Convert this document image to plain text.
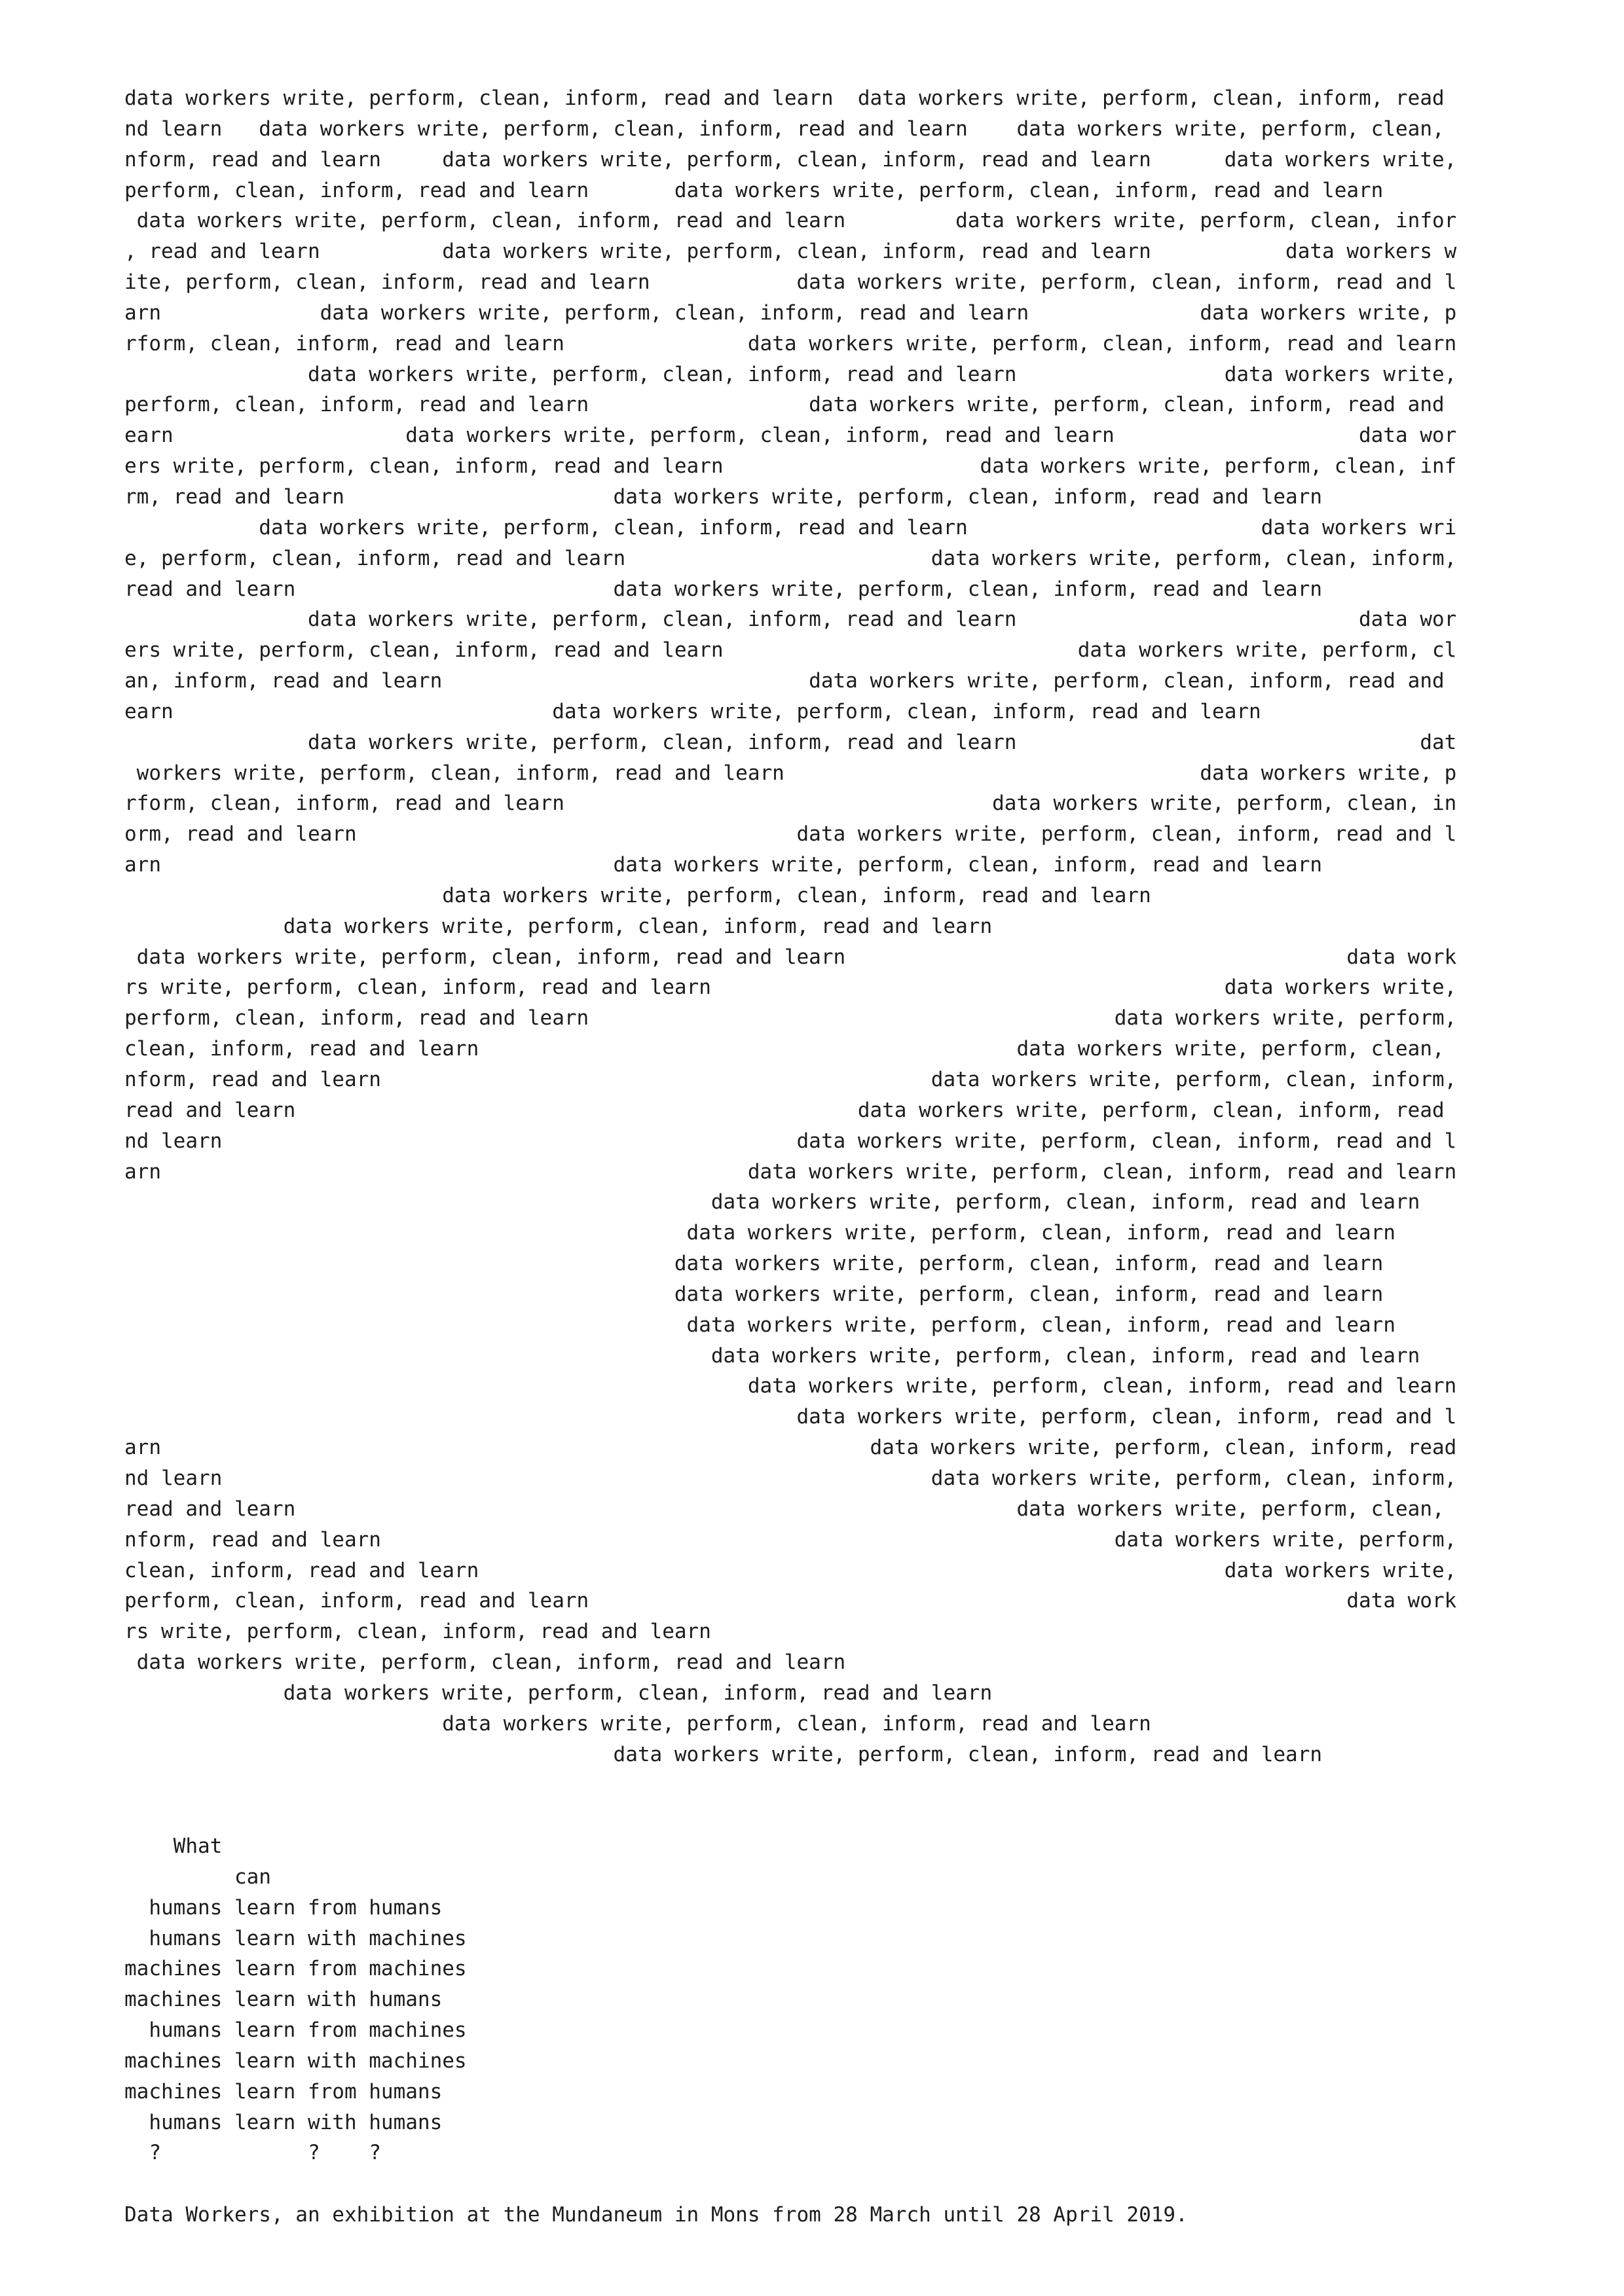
data workers write, perform, clean, inform, read and learn  data workers write, perform, clean, inform, read
nd learn   data workers write, perform, clean, inform, read and learn    data workers write, perform, clean,
nform, read and learn     data workers write, perform, clean, inform, read and learn      data workers write,
perform, clean, inform, read and learn       data workers write, perform, clean, inform, read and learn
data workers write, perform, clean, inform, read and learn         data workers write, perform, clean, infor
, read and learn          data workers write, perform, clean, inform, read and learn           data workers w
ite, perform, clean, inform, read and learn            data workers write, perform, clean, inform, read and l
arn             data workers write, perform, clean, inform, read and learn              data workers write, p
rform, clean, inform, read and learn               data workers write, perform, clean, inform, read and learn
data workers write, perform, clean, inform, read and learn                 data workers write,
perform, clean, inform, read and learn                  data workers write, perform, clean, inform, read and
earn                   data workers write, perform, clean, inform, read and learn                    data wor
ers write, perform, clean, inform, read and learn                     data workers write, perform, clean, inf
rm, read and learn                      data workers write, perform, clean, inform, read and learn
data workers write, perform, clean, inform, read and learn                        data workers wri
e, perform, clean, inform, read and learn                         data workers write, perform, clean, inform,
read and learn                          data workers write, perform, clean, inform, read and learn
data workers write, perform, clean, inform, read and learn                            data wor
ers write, perform, clean, inform, read and learn                             data workers write, perform, cl
an, inform, read and learn                              data workers write, perform, clean, inform, read and
earn                               data workers write, perform, clean, inform, read and learn
data workers write, perform, clean, inform, read and learn                                 dat
workers write, perform, clean, inform, read and learn                                  data workers write, p
rform, clean, inform, read and learn                                   data workers write, perform, clean, in
orm, read and learn                                    data workers write, perform, clean, inform, read and l
arn                                     data workers write, perform, clean, inform, read and learn
data workers write, perform, clean, inform, read and learn
data workers write, perform, clean, inform, read and learn
data workers write, perform, clean, inform, read and learn                                         data work
rs write, perform, clean, inform, read and learn                                          data workers write,
perform, clean, inform, read and learn                                           data workers write, perform,
clean, inform, read and learn                                            data workers write, perform, clean,
nform, read and learn                                             data workers write, perform, clean, inform,
read and learn                                              data workers write, perform, clean, inform, read
nd learn                                               data workers write, perform, clean, inform, read and l
arn                                                data workers write, perform, clean, inform, read and learn
data workers write, perform, clean, inform, read and learn
data workers write, perform, clean, inform, read and learn
data workers write, perform, clean, inform, read and learn
data workers write, perform, clean, inform, read and learn
data workers write, perform, clean, inform, read and learn
data workers write, perform, clean, inform, read and learn
data workers write, perform, clean, inform, read and learn
data workers write, perform, clean, inform, read and l
arn                                                          data workers write, perform, clean, inform, read
nd learn                                                          data workers write, perform, clean, inform,
read and learn                                                           data workers write, perform, clean,
nform, read and learn                                                            data workers write, perform,
clean, inform, read and learn                                                             data workers write,
perform, clean, inform, read and learn                                                              data work
rs write, perform, clean, inform, read and learn
data workers write, perform, clean, inform, read and learn
data workers write, perform, clean, inform, read and learn
data workers write, perform, clean, inform, read and learn
data workers write, perform, clean, inform, read and learn
What
can
humans learn from humans
humans learn with machines
machines learn from machines
machines learn with humans
humans learn from machines
machines learn with machines
machines learn from humans
humans learn with humans
?            ?    ?
Data Workers, an exhibition at the Mundaneum in Mons from 28 March until 28 April 2019.
